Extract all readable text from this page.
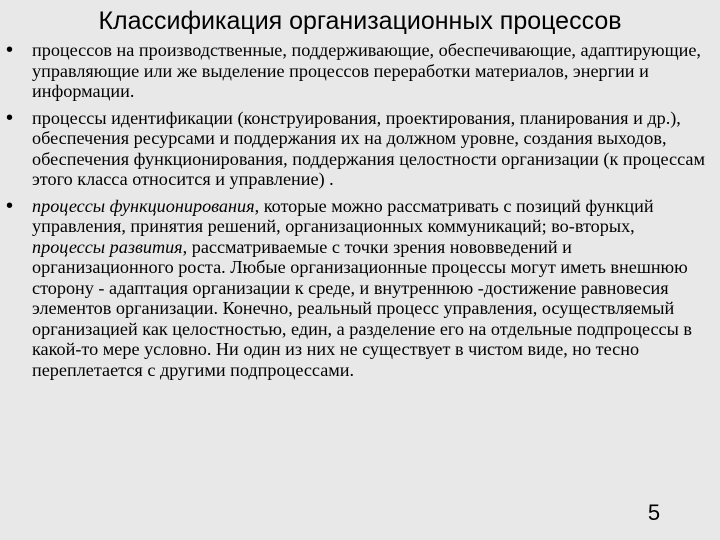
Классификация организационных процессов
• процессов на производственные, поддерживающие, обеспечивающие, адаптирующие, управляющие или же выделение процессов переработки материалов, энергии и информации.
• процессы идентификации (конструирования, проектирования, планирования и др.), обеспечения ресурсами и поддержания их на должном уровне, создания выходов, обеспечения функционирования, поддержания целостности организации (к процессам этого класса относится и управление) .
• процессы функционирования, которые можно рассматривать с позиций функций управления, принятия решений, организационных коммуникаций; во-вторых, процессы развития, рассматриваемые с точки зрения нововведений и организационного роста. Любые организационные процессы могут иметь внешнюю сторону - адаптация организации к среде, и внутреннюю -достижение равновесия элементов организации. Конечно, реальный процесс управления, осуществляемый организацией как целостностью, един, а разделение его на отдельные подпроцессы в какой-то мере условно. Ни один из них не существует в чистом виде, но тесно переплетается с другими подпроцессами.
5
